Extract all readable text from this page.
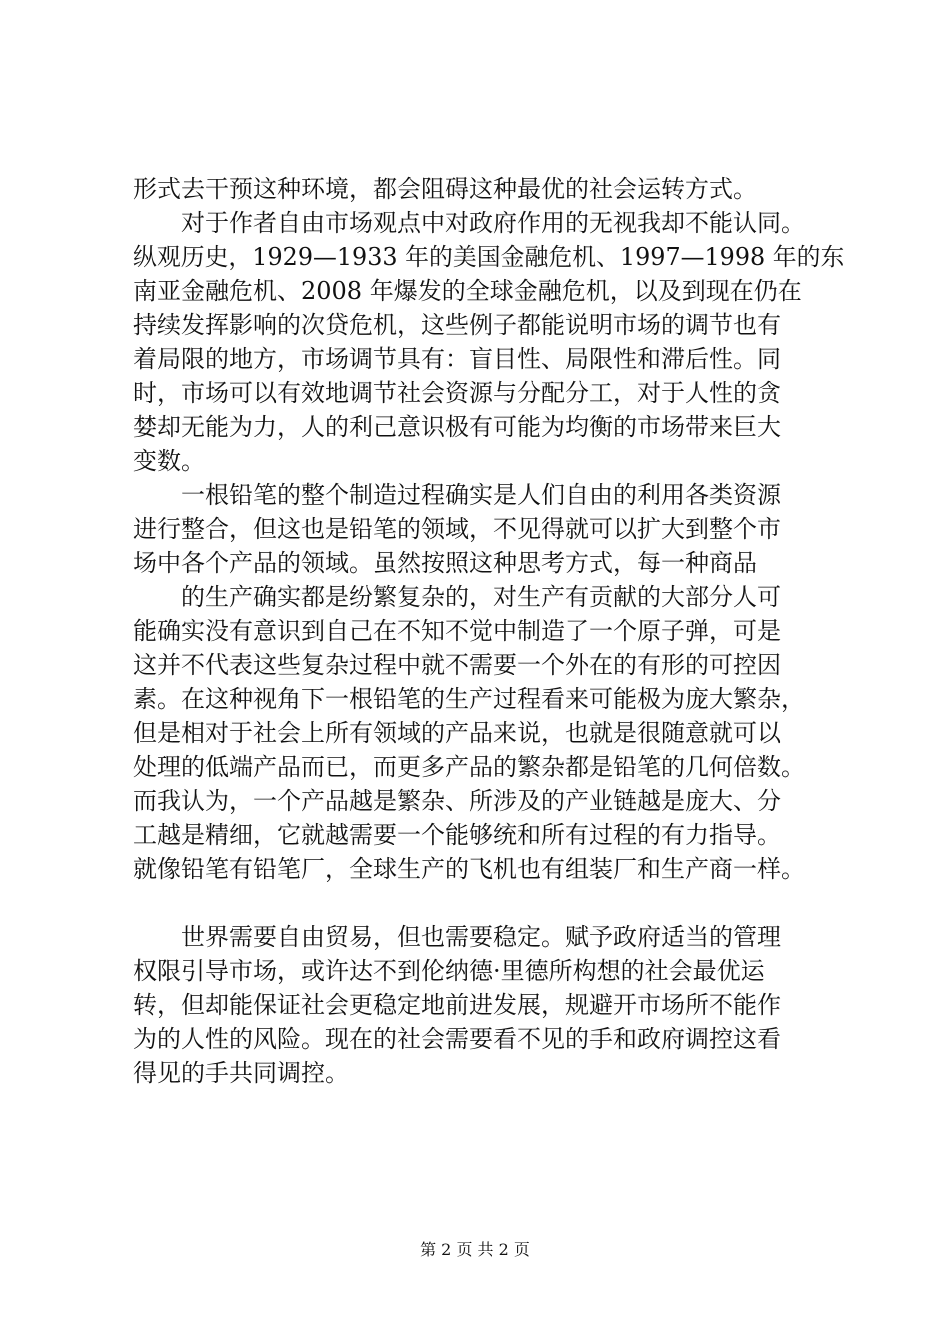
形式去干预这种环境，都会阻碍这种最优的社会运转方式。
对于作者自由市场观点中对政府作用的无视我却不能认同。
纵观历史，1929—1933 年的美国金融危机、1997—1998 年的东
南亚金融危机、2008 年爆发的全球金融危机，以及到现在仍在
持续发挥影响的次贷危机，这些例子都能说明市场的调节也有
着局限的地方，市场调节具有：盲目性、局限性和滞后性。同
时，市场可以有效地调节社会资源与分配分工，对于人性的贪
婪却无能为力，人的利己意识极有可能为均衡的市场带来巨大
变数。
一根铅笔的整个制造过程确实是人们自由的利用各类资源
进行整合，但这也是铅笔的领域，不见得就可以扩大到整个市
场中各个产品的领域。虽然按照这种思考方式，每一种商品
的生产确实都是纷繁复杂的，对生产有贡献的大部分人可
能确实没有意识到自己在不知不觉中制造了一个原子弹，可是
这并不代表这些复杂过程中就不需要一个外在的有形的可控因
素。在这种视角下一根铅笔的生产过程看来可能极为庞大繁杂，
但是相对于社会上所有领域的产品来说，也就是很随意就可以
处理的低端产品而已，而更多产品的繁杂都是铅笔的几何倍数。
而我认为，一个产品越是繁杂、所涉及的产业链越是庞大、分
工越是精细，它就越需要一个能够统和所有过程的有力指导。
就像铅笔有铅笔厂，全球生产的飞机也有组装厂和生产商一样。
世界需要自由贸易，但也需要稳定。赋予政府适当的管理
权限引导市场，或许达不到伦纳德·里德所构想的社会最优运
转，但却能保证社会更稳定地前进发展，规避开市场所不能作
为的人性的风险。现在的社会需要看不见的手和政府调控这看
得见的手共同调控。
第 2 页 共 2 页
